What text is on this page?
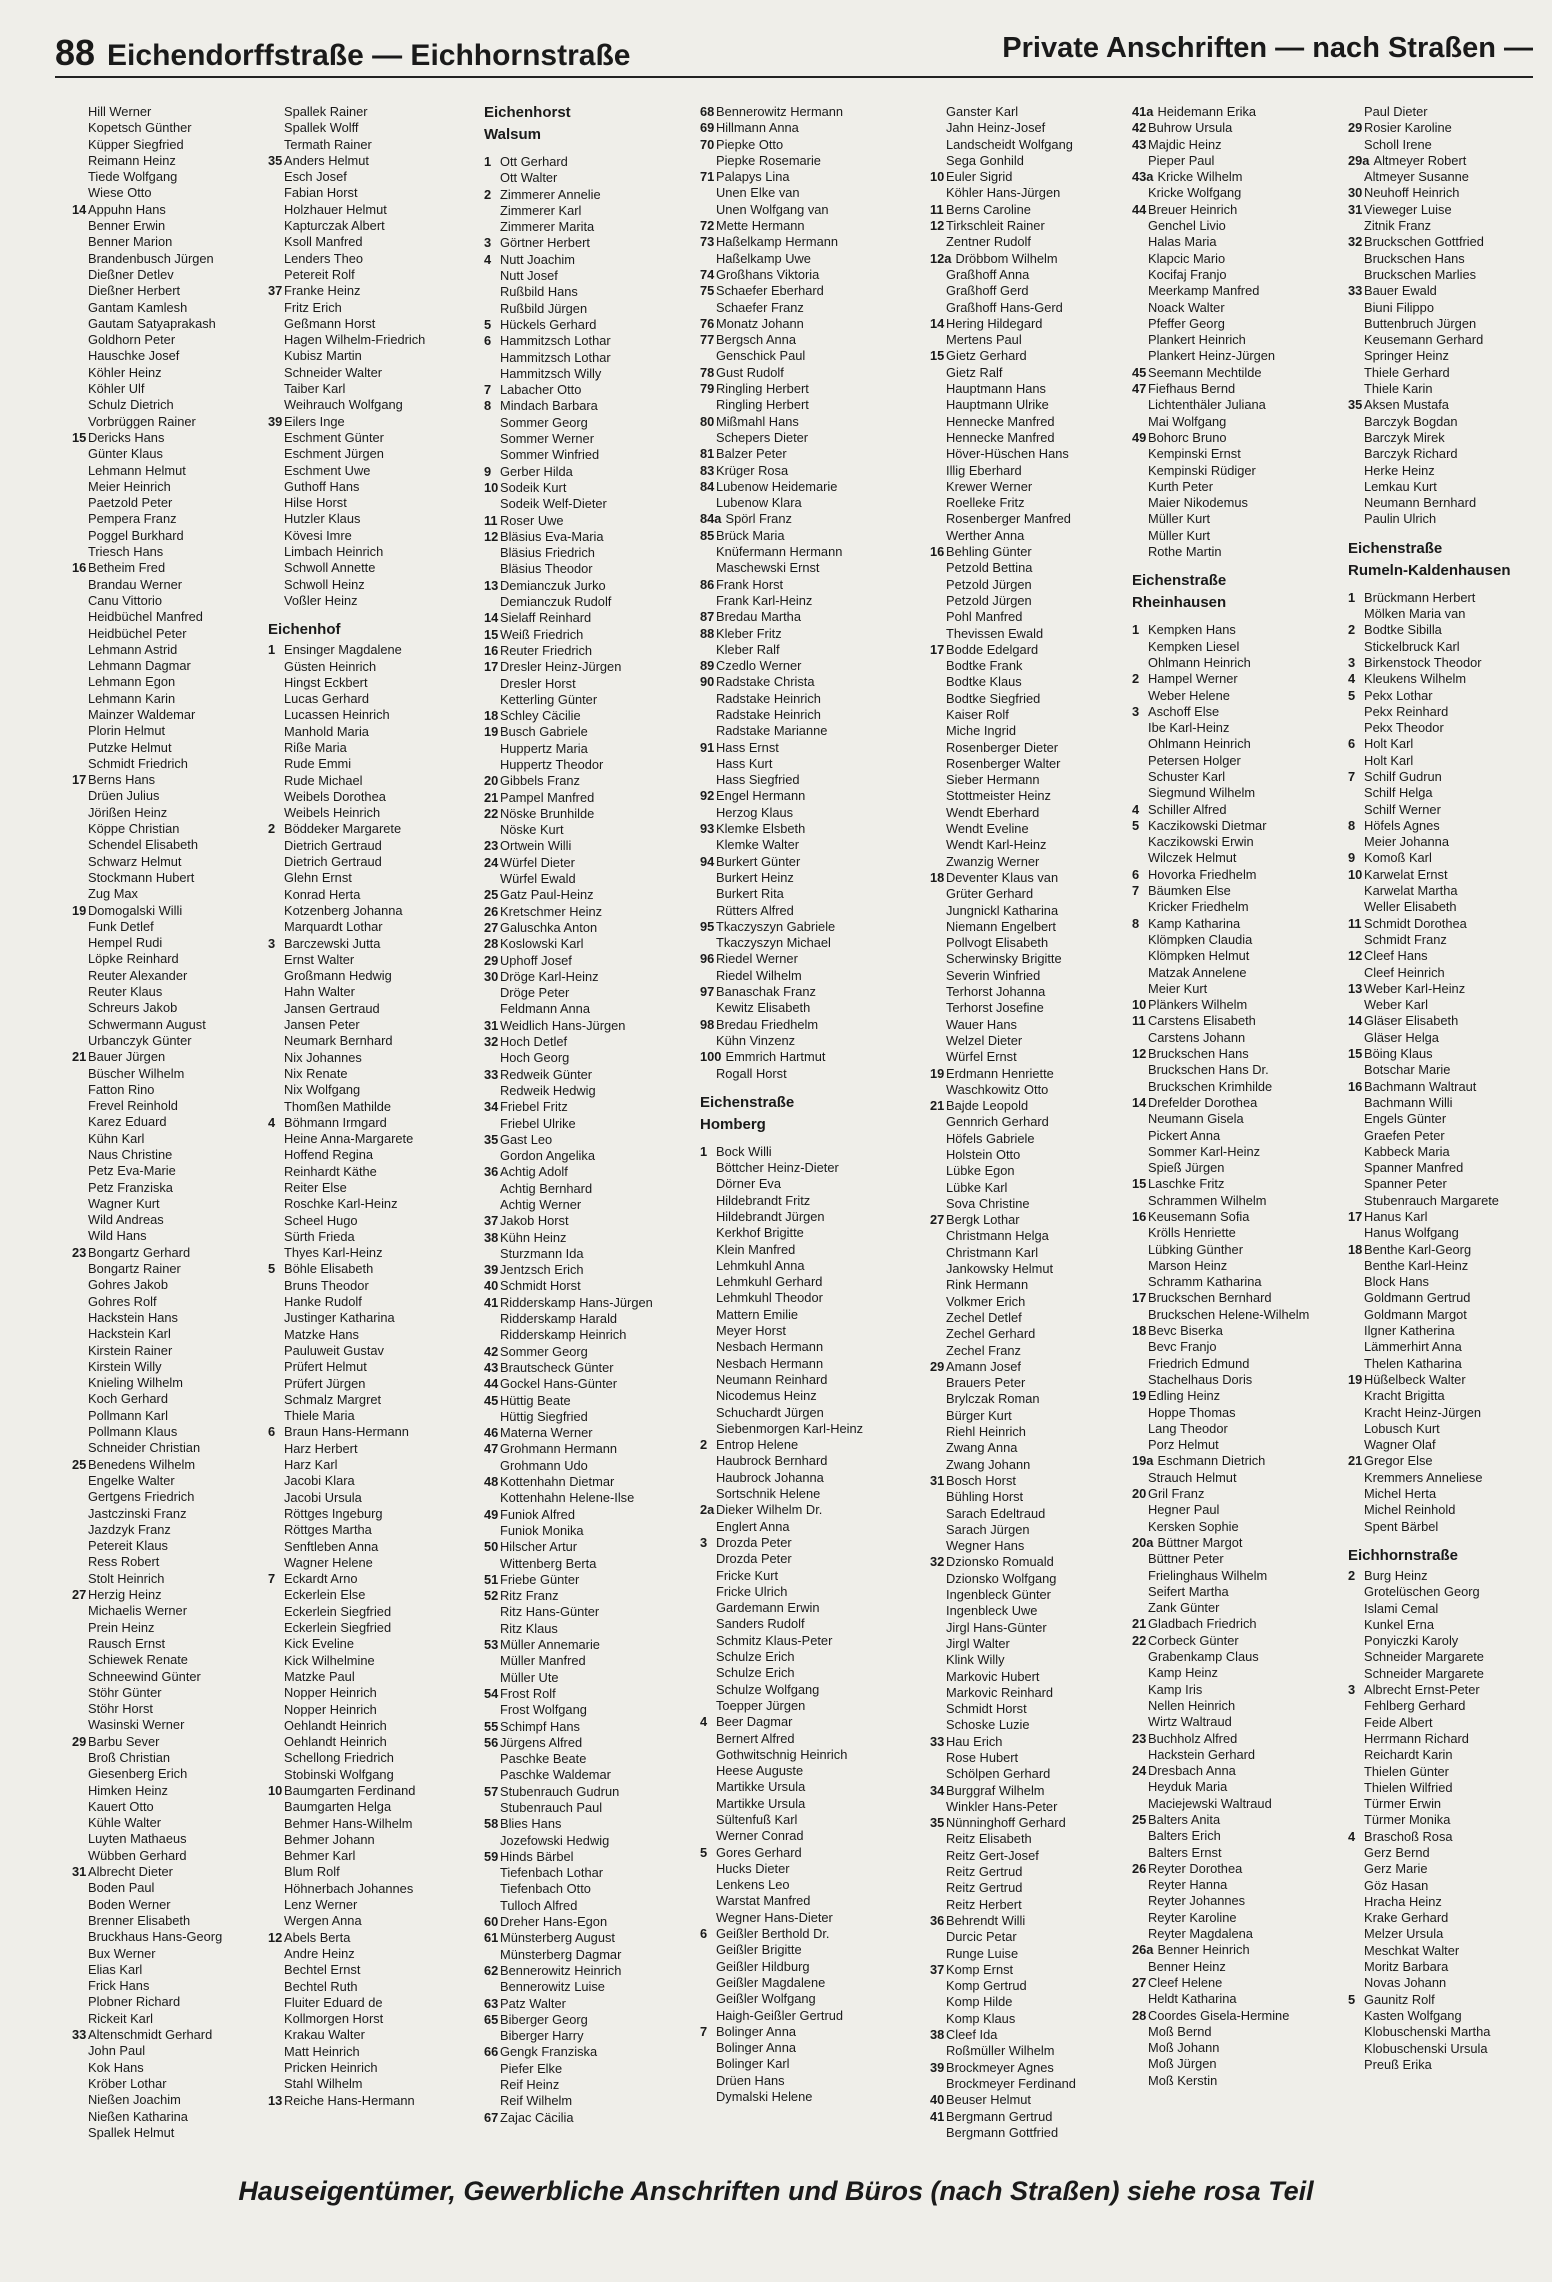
88 Eichendorffstraße — Eichhornstraße	Private Anschriften — nach Straßen —
Hill Werner
Kopetsch Günther
Küpper Siegfried
Reimann Heinz
Tiede Wolfgang
Wiese Otto
14 Appuhn Hans
Benner Erwin
Benner Marion
Brandenbusch Jürgen
Dießner Detlev
Dießner Herbert
Gantam Kamlesh
Gautam Satyaprakash
Goldhorn Peter
Hauschke Josef
Köhler Heinz
Köhler Ulf
Schulz Dietrich
Vorbrüggen Rainer
15 Dericks Hans
Günter Klaus
Lehmann Helmut
Meier Heinrich
Paetzold Peter
Pempera Franz
Poggel Burkhard
Triesch Hans
16 Betheim Fred
Brandau Werner
Canu Vittorio
Heidbüchel Manfred
Heidbüchel Peter
Lehmann Astrid
Lehmann Dagmar
Lehmann Egon
Lehmann Karin
Mainzer Waldemar
Plorin Helmut
Putzke Helmut
Schmidt Friedrich
17 Berns Hans
Drüen Julius
Jörißen Heinz
Köppe Christian
Schendel Elisabeth
Schwarz Helmut
Stockmann Hubert
Zug Max
19 Domogalski Willi
Funk Detlef
Hempel Rudi
Löpke Reinhard
Reuter Alexander
Reuter Klaus
Schreurs Jakob
Schwermann August
Urbanczyk Günter
21 Bauer Jürgen
Büscher Wilhelm
Fatton Rino
Frevel Reinhold
Karez Eduard
Kühn Karl
Naus Christine
Petz Eva-Marie
Petz Franziska
Wagner Kurt
Wild Andreas
Wild Hans
23 Bongartz Gerhard
Bongartz Rainer
Gohres Jakob
Gohres Rolf
Hackstein Hans
Hackstein Karl
Kirstein Rainer
Kirstein Willy
Knieling Wilhelm
Koch Gerhard
Pollmann Karl
Pollmann Klaus
Schneider Christian
25 Benedens Wilhelm
Engelke Walter
Gertgens Friedrich
Jastczinski Franz
Jazdzyk Franz
Petereit Klaus
Ress Robert
Stolt Heinrich
27 Herzig Heinz
Michaelis Werner
Prein Heinz
Rausch Ernst
Schiewek Renate
Schneewind Günter
Stöhr Günter
Stöhr Horst
Wasinski Werner
29 Barbu Sever
Broß Christian
Giesenberg Erich
Himken Heinz
Kauert Otto
Kühle Walter
Luyten Mathaeus
Wübben Gerhard
31 Albrecht Dieter
Boden Paul
Boden Werner
Brenner Elisabeth
Bruckhaus Hans-Georg
Bux Werner
Elias Karl
Frick Hans
Plobner Richard
Rickeit Karl
33 Altenschmidt Gerhard
John Paul
Kok Hans
Kröber Lothar
Nießen Joachim
Nießen Katharina
Spallek Helmut
Spallek Rainer
Spallek Wolff
Termath Rainer
35 Anders Helmut
Esch Josef
Fabian Horst
Holzhauer Helmut
Kapturczak Albert
Ksoll Manfred
Lenders Theo
Petereit Rolf
37 Franke Heinz
Fritz Erich
Geßmann Horst
Hagen Wilhelm-Friedrich
Kubisz Martin
Schneider Walter
Taiber Karl
Weihrauch Wolfgang
39 Eilers Inge
Eschment Günter
Eschment Jürgen
Eschment Uwe
Guthoff Hans
Hilse Horst
Hutzler Klaus
Kövesi Imre
Limbach Heinrich
Schwoll Annette
Schwoll Heinz
Voßler Heinz
Eichenhof
1 Ensinger Magdalene
Güsten Heinrich
Hingst Eckbert
Lucas Gerhard
Lucassen Heinrich
Manhold Maria
Riße Maria
Rude Emmi
Rude Michael
Weibels Dorothea
Weibels Heinrich
2 Böddeker Margarete
Dietrich Gertraud
Dietrich Gertraud
Glehn Ernst
Konrad Herta
Kotzenberg Johanna
Marquardt Lothar
3 Barczewski Jutta
Ernst Walter
Großmann Hedwig
Hahn Walter
Jansen Gertraud
Jansen Peter
Neumark Bernhard
Nix Johannes
Nix Renate
Nix Wolfgang
Thomßen Mathilde
4 Böhmann Irmgard
Heine Anna-Margarete
Hoffend Regina
Reinhardt Käthe
Reiter Else
Roschke Karl-Heinz
Scheel Hugo
Sürth Frieda
Thyes Karl-Heinz
5 Böhle Elisabeth
Bruns Theodor
Hanke Rudolf
Justinger Katharina
Matzke Hans
Pauluweit Gustav
Prüfert Helmut
Prüfert Jürgen
Schmalz Margret
Thiele Maria
6 Braun Hans-Hermann
Harz Herbert
Harz Karl
Jacobi Klara
Jacobi Ursula
Röttges Ingeburg
Röttges Martha
Senftleben Anna
Wagner Helene
7 Eckardt Arno
Eckerlein Else
Eckerlein Siegfried
Eckerlein Siegfried
Kick Eveline
Kick Wilhelmine
Matzke Paul
Nopper Heinrich
Nopper Heinrich
Oehlandt Heinrich
Oehlandt Heinrich
Schellong Friedrich
Stobinski Wolfgang
10 Baumgarten Ferdinand
Baumgarten Helga
Behmer Hans-Wilhelm
Behmer Johann
Behmer Karl
Blum Rolf
Höhnerbach Johannes
Lenz Werner
Wergen Anna
12 Abels Berta
Andre Heinz
Bechtel Ernst
Bechtel Ruth
Fluiter Eduard de
Kollmorgen Horst
Krakau Walter
Matt Heinrich
Pricken Heinrich
Stahl Wilhelm
13 Reiche Hans-Hermann
Eichenhorst
Walsum
1 Ott Gerhard
Ott Walter
2 Zimmerer Annelie
Zimmerer Karl
Zimmerer Marita
3 Görtner Herbert
4 Nutt Joachim
Nutt Josef
Rußbild Hans
Rußbild Jürgen
5 Hückels Gerhard
6 Hammitzsch Lothar
Hammitzsch Lothar
Hammitzsch Willy
7 Labacher Otto
8 Mindach Barbara
Sommer Georg
Sommer Werner
Sommer Winfried
9 Gerber Hilda
10 Sodeik Kurt
Sodeik Welf-Dieter
11 Roser Uwe
12 Bläsius Eva-Maria
Bläsius Friedrich
Bläsius Theodor
13 Demianczuk Jurko
Demianczuk Rudolf
14 Sielaff Reinhard
15 Weiß Friedrich
16 Reuter Friedrich
17 Dresler Heinz-Jürgen
Dresler Horst
Ketterling Günter
18 Schley Cäcilie
19 Busch Gabriele
Huppertz Maria
Huppertz Theodor
20 Gibbels Franz
21 Pampel Manfred
22 Nöske Brunhilde
Nöske Kurt
23 Ortwein Willi
24 Würfel Dieter
Würfel Ewald
25 Gatz Paul-Heinz
26 Kretschmer Heinz
27 Galuschka Anton
28 Koslowski Karl
29 Uphoff Josef
30 Dröge Karl-Heinz
Dröge Peter
Feldmann Anna
31 Weidlich Hans-Jürgen
32 Hoch Detlef
Hoch Georg
33 Redweik Günter
Redweik Hedwig
34 Friebel Fritz
Friebel Ulrike
35 Gast Leo
Gordon Angelika
36 Achtig Adolf
Achtig Bernhard
Achtig Werner
37 Jakob Horst
38 Kühn Heinz
Sturzmann Ida
39 Jentzsch Erich
40 Schmidt Horst
41 Ridderskamp Hans-Jürgen
Ridderskamp Harald
Ridderskamp Heinrich
42 Sommer Georg
43 Brautscheck Günter
44 Gockel Hans-Günter
45 Hüttig Beate
Hüttig Siegfried
46 Materna Werner
47 Grohmann Hermann
Grohmann Udo
48 Kottenhahn Dietmar
Kottenhahn Helene-Ilse
49 Funiok Alfred
Funiok Monika
50 Hilscher Artur
Wittenberg Berta
51 Friebe Günter
52 Ritz Franz
Ritz Hans-Günter
Ritz Klaus
53 Müller Annemarie
Müller Manfred
Müller Ute
54 Frost Rolf
Frost Wolfgang
55 Schimpf Hans
56 Jürgens Alfred
Paschke Beate
Paschke Waldemar
57 Stubenrauch Gudrun
Stubenrauch Paul
58 Blies Hans
Jozefowski Hedwig
59 Hinds Bärbel
Tiefenbach Lothar
Tiefenbach Otto
Tulloch Alfred
60 Dreher Hans-Egon
61 Münsterberg August
Münsterberg Dagmar
62 Bennerowitz Heinrich
Bennerowitz Luise
63 Patz Walter
65 Biberger Georg
Biberger Harry
66 Gengk Franziska
Piefer Elke
Reif Heinz
Reif Wilhelm
67 Zajac Cäcilia
68 Bennerowitz Hermann
69 Hillmann Anna
70 Piepke Otto
Piepke Rosemarie
71 Palapys Lina
Unen Elke van
Unen Wolfgang van
72 Mette Hermann
73 Haßelkamp Hermann
Haßelkamp Uwe
74 Großhans Viktoria
75 Schaefer Eberhard
Schaefer Franz
76 Monatz Johann
77 Bergsch Anna
Genschick Paul
78 Gust Rudolf
79 Ringling Herbert
Ringling Herbert
80 Mißmahl Hans
Schepers Dieter
81 Balzer Peter
83 Krüger Rosa
84 Lubenow Heidemarie
Lubenow Klara
84a Spörl Franz
85 Brück Maria
Knüfermann Hermann
Maschewski Ernst
86 Frank Horst
Frank Karl-Heinz
87 Bredau Martha
88 Kleber Fritz
Kleber Ralf
89 Czedlo Werner
90 Radstake Christa
Radstake Heinrich
Radstake Heinrich
Radstake Marianne
91 Hass Ernst
Hass Kurt
Hass Siegfried
92 Engel Hermann
Herzog Klaus
93 Klemke Elsbeth
Klemke Walter
94 Burkert Günter
Burkert Heinz
Burkert Rita
Rütters Alfred
95 Tkaczyszyn Gabriele
Tkaczyszyn Michael
96 Riedel Werner
Riedel Wilhelm
97 Banaschak Franz
Kewitz Elisabeth
98 Bredau Friedhelm
Kühn Vinzenz
100 Emmrich Hartmut
Rogall Horst
Eichenstraße
Homberg
1 Bock Willi
Böttcher Heinz-Dieter
Dörner Eva
Hildebrandt Fritz
Hildebrandt Jürgen
Kerkhof Brigitte
Klein Manfred
Lehmkuhl Anna
Lehmkuhl Gerhard
Lehmkuhl Theodor
Mattern Emilie
Meyer Horst
Nesbach Hermann
Nesbach Hermann
Neumann Reinhard
Nicodemus Heinz
Schuchardt Jürgen
Siebenmorgen Karl-Heinz
2 Entrop Helene
Haubrock Bernhard
Haubrock Johanna
Sortschnik Helene
2a Dieker Wilhelm Dr.
Englert Anna
3 Drozda Peter
Drozda Peter
Fricke Kurt
Fricke Ulrich
Gardemann Erwin
Sanders Rudolf
Schmitz Klaus-Peter
Schulze Erich
Schulze Erich
Schulze Wolfgang
Toepper Jürgen
4 Beer Dagmar
Bernert Alfred
Gothwitschnig Heinrich
Heese Auguste
Martikke Ursula
Martikke Ursula
Sültenfuß Karl
Werner Conrad
5 Gores Gerhard
Hucks Dieter
Lenkens Leo
Warstat Manfred
Wegner Hans-Dieter
6 Geißler Berthold Dr.
Geißler Brigitte
Geißler Hildburg
Geißler Magdalene
Geißler Wolfgang
Haigh-Geißler Gertrud
7 Bolinger Anna
Bolinger Anna
Bolinger Karl
Drüen Hans
Dymalski Helene
Ganster Karl
Jahn Heinz-Josef
Landscheidt Wolfgang
Sega Gonhild
10 Euler Sigrid
Köhler Hans-Jürgen
11 Berns Caroline
12 Tirkschleit Rainer
Zentner Rudolf
12a Dröbbom Wilhelm
Graßhoff Anna
Graßhoff Gerd
Graßhoff Hans-Gerd
14 Hering Hildegard
Mertens Paul
15 Gietz Gerhard
Gietz Ralf
Hauptmann Hans
Hauptmann Ulrike
Hennecke Manfred
Hennecke Manfred
Höver-Hüschen Hans
Illig Eberhard
Krewer Werner
Roelleke Fritz
Rosenberger Manfred
Werther Anna
16 Behling Günter
Petzold Bettina
Petzold Jürgen
Petzold Jürgen
Pohl Manfred
Thevissen Ewald
17 Bodde Edelgard
Bodtke Frank
Bodtke Klaus
Bodtke Siegfried
Kaiser Rolf
Miche Ingrid
Rosenberger Dieter
Rosenberger Walter
Sieber Hermann
Stottmeister Heinz
Wendt Eberhard
Wendt Eveline
Wendt Karl-Heinz
Zwanzig Werner
18 Deventer Klaus van
Grüter Gerhard
Jungnickl Katharina
Niemann Engelbert
Pollvogt Elisabeth
Scherwinsky Brigitte
Severin Winfried
Terhorst Johanna
Terhorst Josefine
Wauer Hans
Welzel Dieter
Würfel Ernst
19 Erdmann Henriette
Waschkowitz Otto
21 Bajde Leopold
Gennrich Gerhard
Höfels Gabriele
Holstein Otto
Lübke Egon
Lübke Karl
Sova Christine
27 Bergk Lothar
Christmann Helga
Christmann Karl
Jankowsky Helmut
Rink Hermann
Volkmer Erich
Zechel Detlef
Zechel Gerhard
Zechel Franz
29 Amann Josef
Brauers Peter
Brylczak Roman
Bürger Kurt
Riehl Heinrich
Zwang Anna
Zwang Johann
31 Bosch Horst
Bühling Horst
Sarach Edeltraud
Sarach Jürgen
Wegner Hans
32 Dzionsko Romuald
Dzionsko Wolfgang
Ingenbleck Günter
Ingenbleck Uwe
Jirgl Hans-Günter
Jirgl Walter
Klink Willy
Markovic Hubert
Markovic Reinhard
Schmidt Horst
Schoske Luzie
33 Hau Erich
Rose Hubert
Schölpen Gerhard
34 Burggraf Wilhelm
Winkler Hans-Peter
35 Nünninghoff Gerhard
Reitz Elisabeth
Reitz Gert-Josef
Reitz Gertrud
Reitz Gertrud
Reitz Herbert
36 Behrendt Willi
Durcic Petar
Runge Luise
37 Komp Ernst
Komp Gertrud
Komp Hilde
Komp Klaus
38 Cleef Ida
Roßmüller Wilhelm
39 Brockmeyer Agnes
Brockmeyer Ferdinand
40 Beuser Helmut
41 Bergmann Gertrud
Bergmann Gottfried
41a Heidemann Erika
42 Buhrow Ursula
43 Majdic Heinz
Pieper Paul
43a Kricke Wilhelm
Kricke Wolfgang
44 Breuer Heinrich
Genchel Livio
Halas Maria
Klapcic Mario
Kocifaj Franjo
Meerkamp Manfred
Noack Walter
Pfeffer Georg
Plankert Heinrich
Plankert Heinz-Jürgen
45 Seemann Mechtilde
47 Fiefhaus Bernd
Lichtenthäler Juliana
Mai Wolfgang
49 Bohorc Bruno
Kempinski Ernst
Kempinski Rüdiger
Kurth Peter
Maier Nikodemus
Müller Kurt
Müller Kurt
Rothe Martin
Eichenstraße
Rheinhausen
1 Kempken Hans
Kempken Liesel
Ohlmann Heinrich
2 Hampel Werner
Weber Helene
3 Aschoff Else
Ibe Karl-Heinz
Ohlmann Heinrich
Petersen Holger
Schuster Karl
Siegmund Wilhelm
4 Schiller Alfred
5 Kaczikowski Dietmar
Kaczikowski Erwin
Wilczek Helmut
6 Hovorka Friedhelm
7 Bäumken Else
Kricker Friedhelm
8 Kamp Katharina
Klömpken Claudia
Klömpken Helmut
Matzak Annelene
Meier Kurt
10 Plänkers Wilhelm
11 Carstens Elisabeth
Carstens Johann
12 Bruckschen Hans
Bruckschen Hans Dr.
Bruckschen Krimhilde
14 Drefelder Dorothea
Neumann Gisela
Pickert Anna
Sommer Karl-Heinz
Spieß Jürgen
15 Laschke Fritz
Schrammen Wilhelm
16 Keusemann Sofia
Krölls Henriette
Lübking Günther
Marson Heinz
Schramm Katharina
17 Bruckschen Bernhard
Bruckschen Helene-Wilhelm
18 Bevc Biserka
Bevc Franjo
Friedrich Edmund
Stachelhaus Doris
19 Edling Heinz
Hoppe Thomas
Lang Theodor
Porz Helmut
19a Eschmann Dietrich
Strauch Helmut
20 Gril Franz
Hegner Paul
Kersken Sophie
20a Büttner Margot
Büttner Peter
Frielinghaus Wilhelm
Seifert Martha
Zank Günter
21 Gladbach Friedrich
22 Corbeck Günter
Grabenkamp Claus
Kamp Heinz
Kamp Iris
Nellen Heinrich
Wirtz Waltraud
23 Buchholz Alfred
Hackstein Gerhard
24 Dresbach Anna
Heyduk Maria
Maciejewski Waltraud
25 Balters Anita
Balters Erich
Balters Ernst
26 Reyter Dorothea
Reyter Hanna
Reyter Johannes
Reyter Karoline
Reyter Magdalena
26a Benner Heinrich
Benner Heinz
27 Cleef Helene
Heldt Katharina
28 Coordes Gisela-Hermine
Moß Bernd
Moß Johann
Moß Jürgen
Moß Kerstin
Paul Dieter
29 Rosier Karoline
Scholl Irene
29a Altmeyer Robert
Altmeyer Susanne
30 Neuhoff Heinrich
31 Vieweger Luise
Zitnik Franz
32 Bruckschen Gottfried
Bruckschen Hans
Bruckschen Marlies
33 Bauer Ewald
Biuni Filippo
Buttenbruch Jürgen
Keusemann Gerhard
Springer Heinz
Thiele Gerhard
Thiele Karin
35 Aksen Mustafa
Barczyk Bogdan
Barczyk Mirek
Barczyk Richard
Herke Heinz
Lemkau Kurt
Neumann Bernhard
Paulin Ulrich
Eichenstraße
Rumeln-Kaldenhausen
1 Brückmann Herbert
Mölken Maria van
2 Bodtke Sibilla
Stickelbruck Karl
3 Birkenstock Theodor
4 Kleukens Wilhelm
5 Pekx Lothar
Pekx Reinhard
Pekx Theodor
6 Holt Karl
Holt Karl
7 Schilf Gudrun
Schilf Helga
Schilf Werner
8 Höfels Agnes
Meier Johanna
9 Komoß Karl
10 Karwelat Ernst
Karwelat Martha
Weller Elisabeth
11 Schmidt Dorothea
Schmidt Franz
12 Cleef Hans
Cleef Heinrich
13 Weber Karl-Heinz
Weber Karl
14 Gläser Elisabeth
Gläser Helga
15 Böing Klaus
Botschar Marie
16 Bachmann Waltraut
Bachmann Willi
Engels Günter
Graefen Peter
Kabbeck Maria
Spanner Manfred
Spanner Peter
Stubenrauch Margarete
17 Hanus Karl
Hanus Wolfgang
18 Benthe Karl-Georg
Benthe Karl-Heinz
Block Hans
Goldmann Gertrud
Goldmann Margot
Ilgner Katherina
Lämmerhirt Anna
Thelen Katharina
19 Hüßelbeck Walter
Kracht Brigitta
Kracht Heinz-Jürgen
Lobusch Kurt
Wagner Olaf
21 Gregor Else
Kremmers Anneliese
Michel Herta
Michel Reinhold
Spent Bärbel
Eichhornstraße
2 Burg Heinz
Grotelüschen Georg
Islami Cemal
Kunkel Erna
Ponyiczki Karoly
Schneider Margarete
Schneider Margarete
3 Albrecht Ernst-Peter
Fehlberg Gerhard
Feide Albert
Herrmann Richard
Reichardt Karin
Thielen Günter
Thielen Wilfried
Türmer Erwin
Türmer Monika
4 Braschoß Rosa
Gerz Bernd
Gerz Marie
Göz Hasan
Hracha Heinz
Krake Gerhard
Melzer Ursula
Meschkat Walter
Moritz Barbara
Novas Johann
5 Gaunitz Rolf
Kasten Wolfgang
Klobuschenski Martha
Klobuschenski Ursula
Preuß Erika
Hauseigentümer, Gewerbliche Anschriften und Büros (nach Straßen) siehe rosa Teil
